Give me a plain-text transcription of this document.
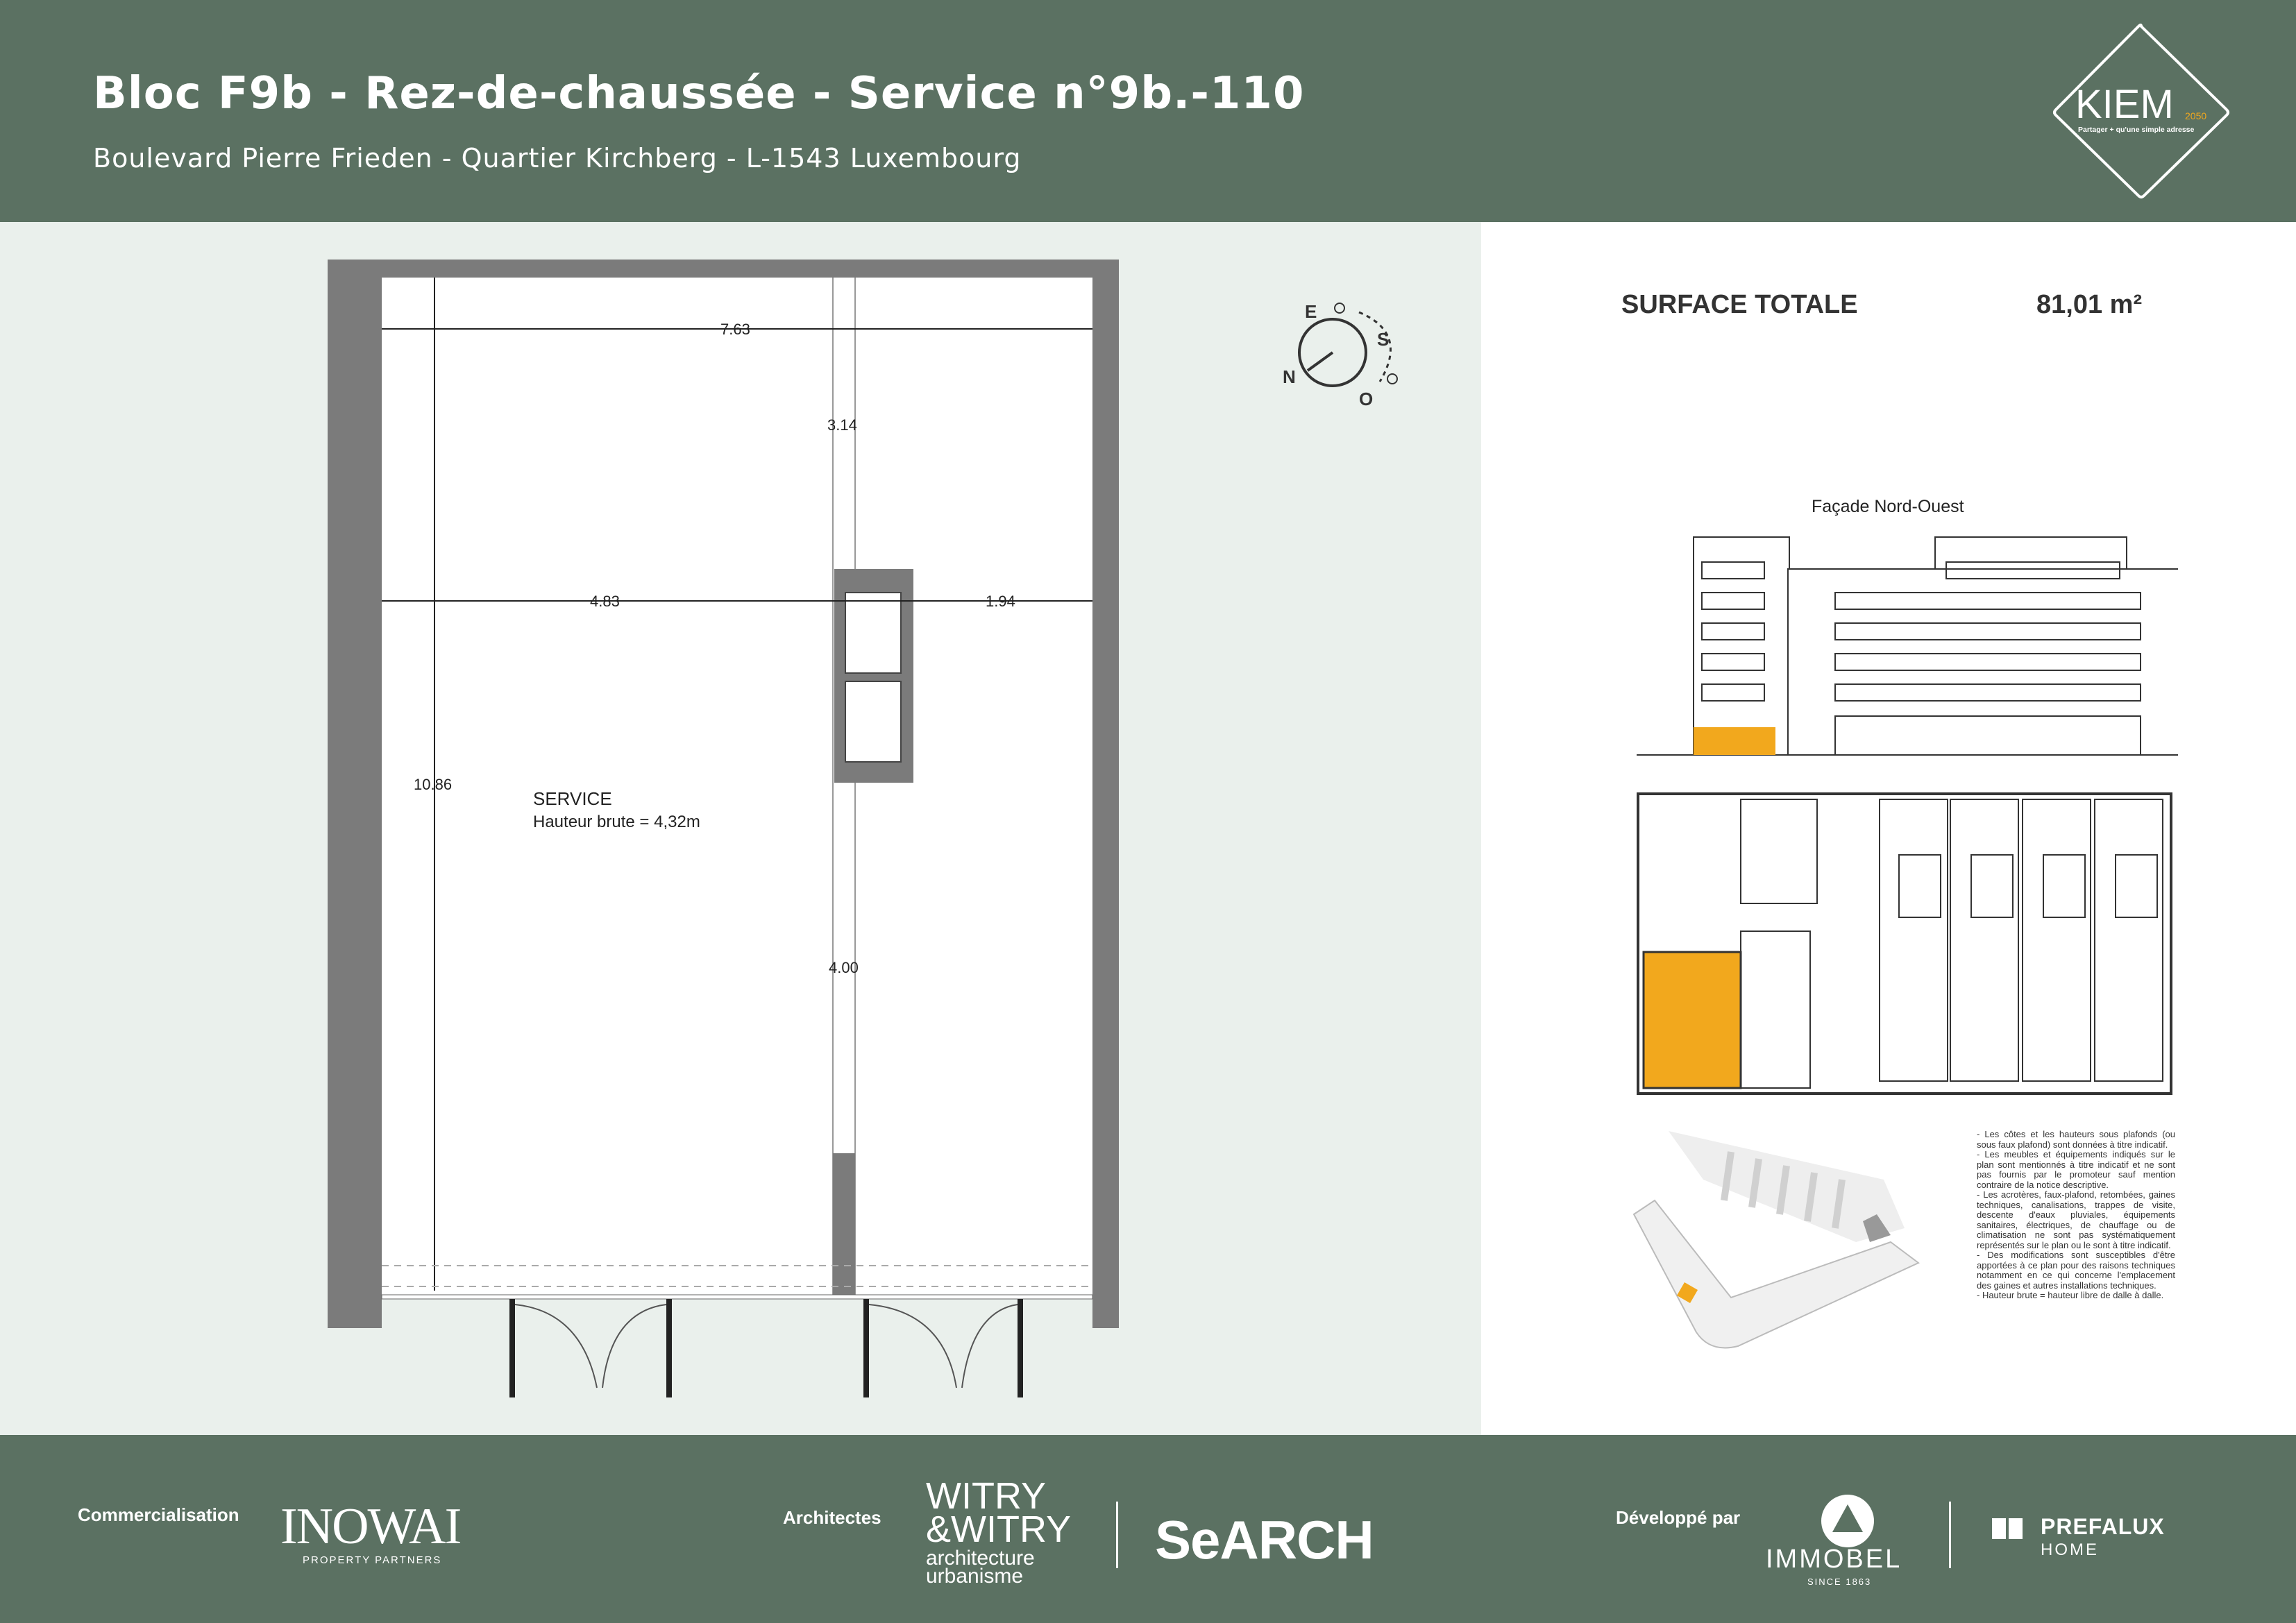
Bloc F9b - Rez-de-chaussée - Service n°9b.-110
Boulevard Pierre Frieden - Quartier Kirchberg - L-1543 Luxembourg
KIEM 2050
Partager + qu'une simple adresse
7.63
3.14
4.83	1.94
10.86
4.00
SERVICE
Hauteur brute = 4,32m
E
S
N
O
SURFACE TOTALE	81,01 m²
Façade Nord-Ouest
- Les côtes et les hauteurs sous plafonds (ou sous faux plafond) sont données à titre indicatif.
- Les meubles et équipements indiqués sur le plan sont mentionnés à titre indicatif et ne sont pas fournis par le promoteur sauf mention contraire de la notice descriptive.
- Les acrotères, faux-plafond, retombées, gaines techniques, canalisations, trappes de visite, descente d'eaux pluviales, équipements sanitaires, électriques, de chauffage ou de climatisation ne sont pas systématiquement représentés sur le plan ou le sont à titre indicatif.
- Des modifications sont susceptibles d'être apportées à ce plan pour des raisons techniques notamment en ce qui concerne l'emplacement des gaines et autres installations techniques.
- Hauteur brute = hauteur libre de dalle à dalle.
Commercialisation INOWAI
PROPERTY PARTNERS
Architectes
WITRY
&WITRY
architecture
urbanisme
SeARCH	Développé par
IMMOBEL
SINCE 1863
PREFALUX
HOME
